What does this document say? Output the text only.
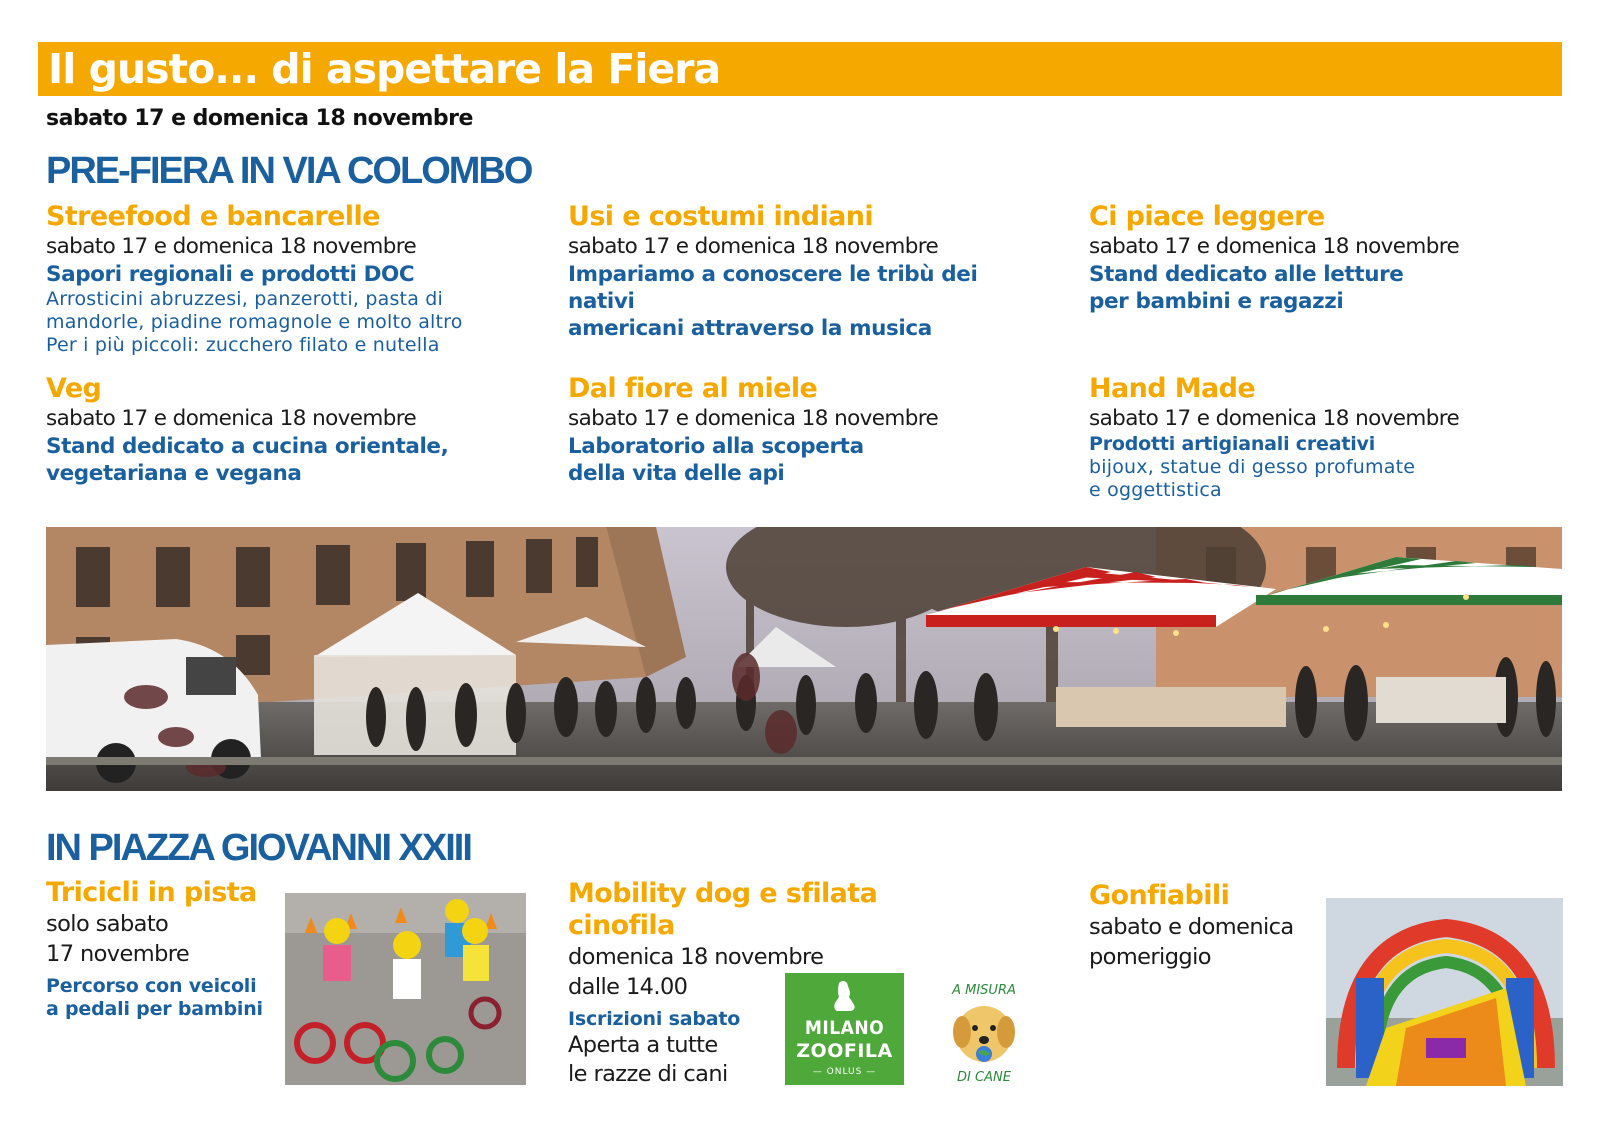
Il gusto... di aspettare la Fiera
sabato 17 e domenica 18 novembre
PRE-FIERA IN VIA COLOMBO
Streefood e bancarelle
sabato 17 e domenica 18 novembre
Sapori regionali e prodotti DOC
Arrosticini abruzzesi, panzerotti, pasta di
mandorle, piadine romagnole e molto altro
Per i più piccoli: zucchero filato e nutella
Usi e costumi indiani
sabato 17 e domenica 18 novembre
Impariamo a conoscere le tribù dei nativi
americani attraverso la musica
Ci piace leggere
sabato 17 e domenica 18 novembre
Stand dedicato alle letture
per bambini e ragazzi
Veg
sabato 17 e domenica 18 novembre
Stand dedicato a cucina orientale,
vegetariana e vegana
Dal fiore al miele
sabato 17 e domenica 18 novembre
Laboratorio alla scoperta
della vita delle api
Hand Made
sabato 17 e domenica 18 novembre
Prodotti artigianali creativi
bijoux, statue di gesso profumate
e oggettistica
IN PIAZZA GIOVANNI XXIII
Tricicli in pista
solo sabato
17 novembre
Percorso con veicoli
a pedali per bambini
Mobility dog e sfilata cinofila
domenica 18 novembre
dalle 14.00
Iscrizioni sabato
Aperta a tutte
le razze di cani
MILANO
ZOOFILA
— ONLUS —
A MISURA
DI CANE
Gonfiabili
sabato e domenica
pomeriggio
